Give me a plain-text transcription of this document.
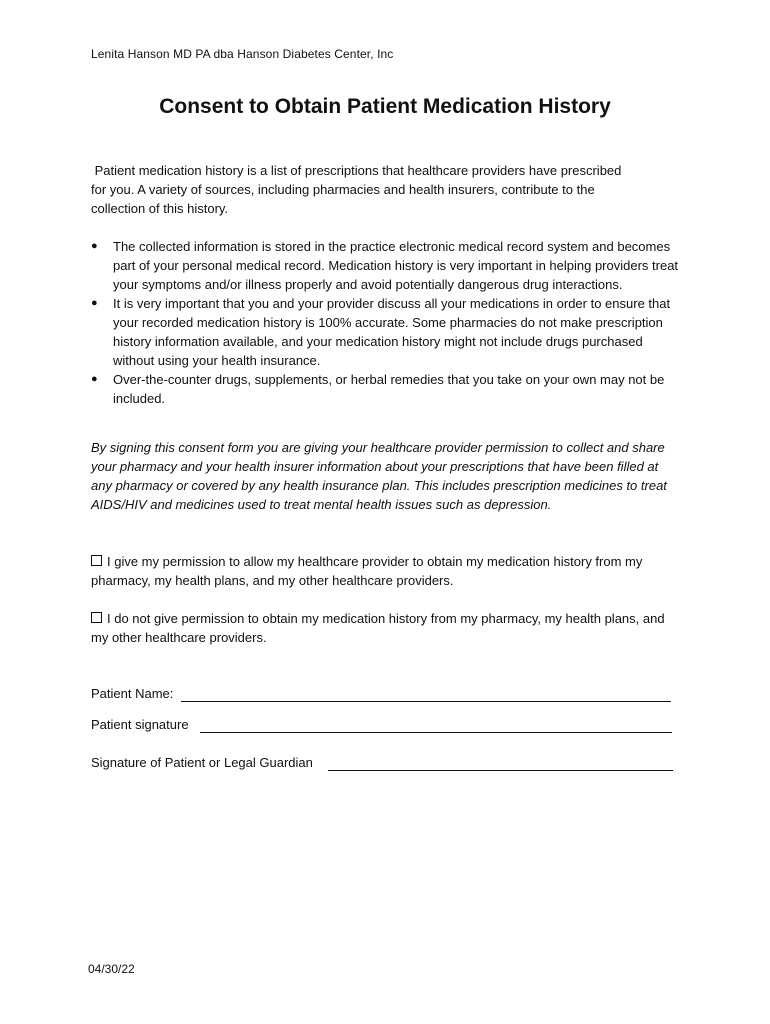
Lenita Hanson MD PA dba Hanson Diabetes Center, Inc
Consent to Obtain Patient Medication History
Patient medication history is a list of prescriptions that healthcare providers have prescribed
for you. A variety of sources, including pharmacies and health insurers, contribute to the
collection of this history.
● The collected information is stored in the practice electronic medical record system and becomes part of your personal medical record. Medication history is very important in helping providers treat your symptoms and/or illness properly and avoid potentially dangerous drug interactions.
● It is very important that you and your provider discuss all your medications in order to ensure that your recorded medication history is 100% accurate. Some pharmacies do not make prescription history information available, and your medication history might not include drugs purchased without using your health insurance.
● Over-the-counter drugs, supplements, or herbal remedies that you take on your own may not be included.
By signing this consent form you are giving your healthcare provider permission to collect and share your pharmacy and your health insurer information about your prescriptions that have been filled at any pharmacy or covered by any health insurance plan. This includes prescription medicines to treat AIDS/HIV and medicines used to treat mental health issues such as depression.
I give my permission to allow my healthcare provider to obtain my medication history from my pharmacy, my health plans, and my other healthcare providers.
I do not give permission to obtain my medication history from my pharmacy, my health plans, and my other healthcare providers.
Patient Name:
Patient signature
Signature of Patient or Legal Guardian
04/30/22
